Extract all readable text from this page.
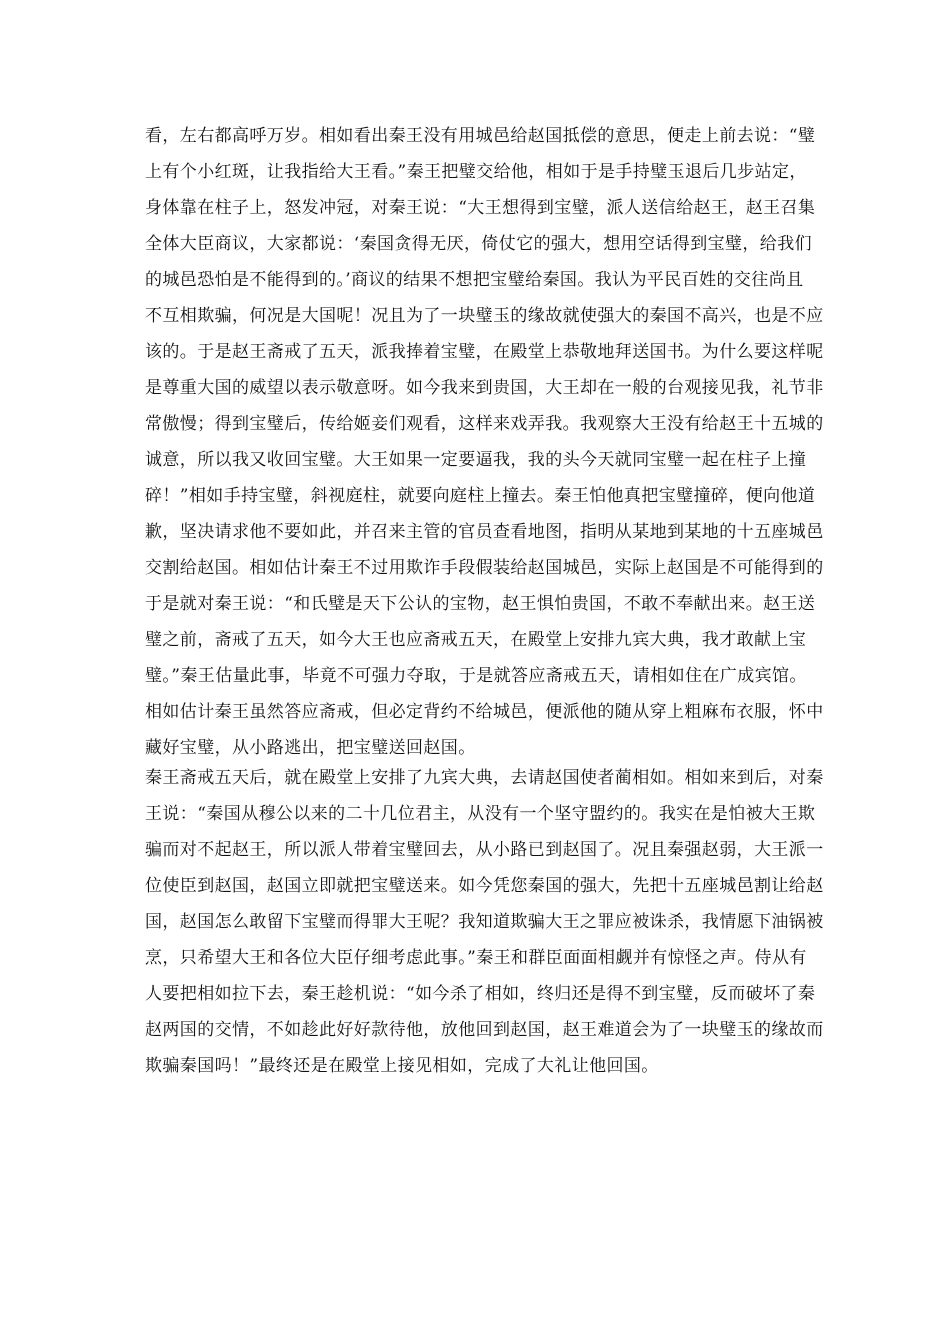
看，左右都高呼万岁。相如看出秦王没有用城邑给赵国抵偿的意思，便走上前去说：“璧
上有个小红斑，让我指给大王看。”秦王把璧交给他，相如于是手持璧玉退后几步站定，
身体靠在柱子上，怒发冲冠，对秦王说：“大王想得到宝璧，派人送信给赵王，赵王召集
全体大臣商议，大家都说：‘秦国贪得无厌，倚仗它的强大，想用空话得到宝璧，给我们
的城邑恐怕是不能得到的。’商议的结果不想把宝璧给秦国。我认为平民百姓的交往尚且
不互相欺骗，何况是大国呢！况且为了一块璧玉的缘故就使强大的秦国不高兴，也是不应
该的。于是赵王斋戒了五天，派我捧着宝璧，在殿堂上恭敬地拜送国书。为什么要这样呢
是尊重大国的威望以表示敬意呀。如今我来到贵国，大王却在一般的台观接见我，礼节非
常傲慢；得到宝璧后，传给姬妾们观看，这样来戏弄我。我观察大王没有给赵王十五城的
诚意，所以我又收回宝璧。大王如果一定要逼我，我的头今天就同宝璧一起在柱子上撞
碎！”相如手持宝璧，斜视庭柱，就要向庭柱上撞去。秦王怕他真把宝璧撞碎，便向他道
歉，坚决请求他不要如此，并召来主管的官员查看地图，指明从某地到某地的十五座城邑
交割给赵国。相如估计秦王不过用欺诈手段假装给赵国城邑，实际上赵国是不可能得到的
于是就对秦王说：“和氏璧是天下公认的宝物，赵王惧怕贵国，不敢不奉献出来。赵王送
璧之前，斋戒了五天，如今大王也应斋戒五天，在殿堂上安排九宾大典，我才敢献上宝
璧。”秦王估量此事，毕竟不可强力夺取，于是就答应斋戒五天，请相如住在广成宾馆。
相如估计秦王虽然答应斋戒，但必定背约不给城邑，便派他的随从穿上粗麻布衣服，怀中
藏好宝璧，从小路逃出，把宝璧送回赵国。
秦王斋戒五天后，就在殿堂上安排了九宾大典，去请赵国使者蔺相如。相如来到后，对秦
王说：“秦国从穆公以来的二十几位君主，从没有一个坚守盟约的。我实在是怕被大王欺
骗而对不起赵王，所以派人带着宝璧回去，从小路已到赵国了。况且秦强赵弱，大王派一
位使臣到赵国，赵国立即就把宝璧送来。如今凭您秦国的强大，先把十五座城邑割让给赵
国，赵国怎么敢留下宝璧而得罪大王呢？我知道欺骗大王之罪应被诛杀，我情愿下油锅被
烹，只希望大王和各位大臣仔细考虑此事。”秦王和群臣面面相觑并有惊怪之声。侍从有
人要把相如拉下去，秦王趁机说：“如今杀了相如，终归还是得不到宝璧，反而破坏了秦
赵两国的交情，不如趁此好好款待他，放他回到赵国，赵王难道会为了一块璧玉的缘故而
欺骗秦国吗！”最终还是在殿堂上接见相如，完成了大礼让他回国。
